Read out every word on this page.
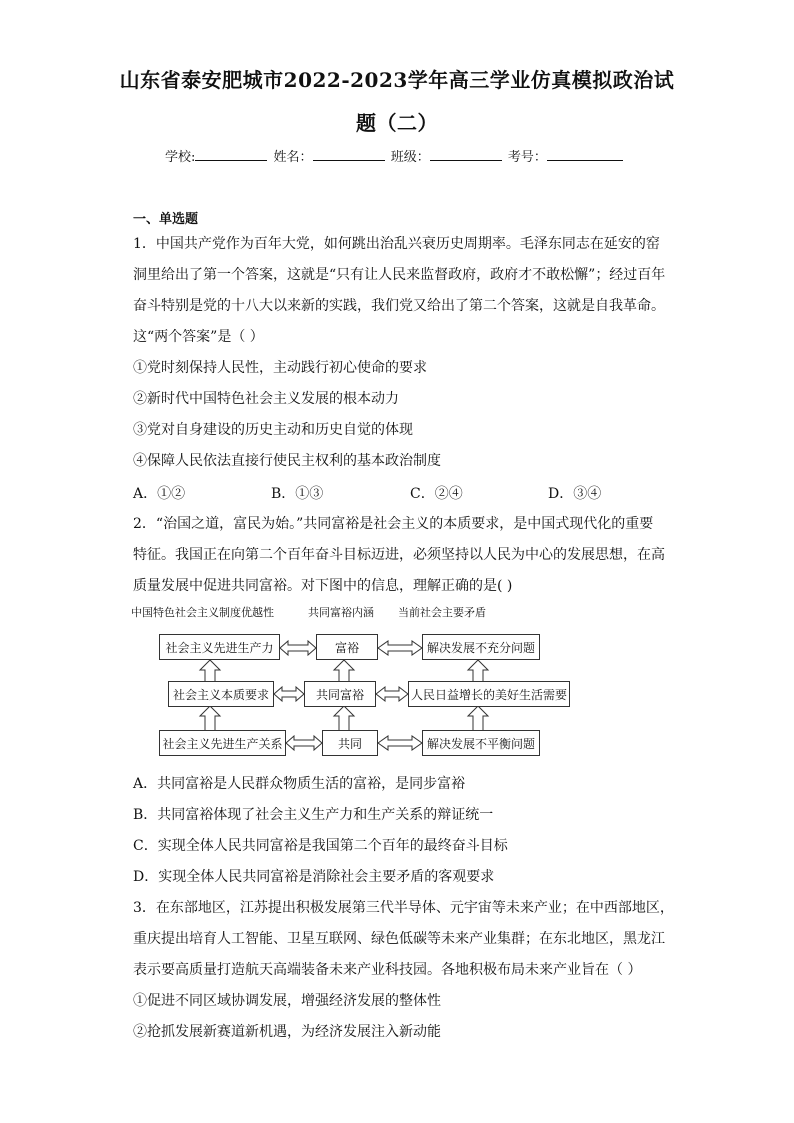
山东省泰安肥城市2022-2023学年高三学业仿真模拟政治试
题（二）
学校:	姓名：	班级：	考号：
一、单选题
1．中国共产党作为百年大党，如何跳出治乱兴衰历史周期率。毛泽东同志在延安的窑
洞里给出了第一个答案，这就是“只有让人民来监督政府，政府才不敢松懈”；经过百年
奋斗特别是党的十八大以来新的实践，我们党又给出了第二个答案，这就是自我革命。
这“两个答案”是（ ）
①党时刻保持人民性，主动践行初心使命的要求
②新时代中国特色社会主义发展的根本动力
③党对自身建设的历史主动和历史自觉的体现
④保障人民依法直接行使民主权利的基本政治制度
A．①②	B．①③	C．②④	D．③④
2．“治国之道，富民为始。”共同富裕是社会主义的本质要求，是中国式现代化的重要
特征。我国正在向第二个百年奋斗目标迈进，必须坚持以人民为中心的发展思想，在高
质量发展中促进共同富裕。对下图中的信息，理解正确的是( )
中国特色社会主义制度优越性	共同富裕内涵 当前社会主要矛盾
社会主义先进生产力
社会主义本质要求
社会主义先进生产关系
富裕
共同富裕
共同
解决发展不充分问题
人民日益增长的美好生活需要
解决发展不平衡问题
A．共同富裕是人民群众物质生活的富裕，是同步富裕
B．共同富裕体现了社会主义生产力和生产关系的辩证统一
C．实现全体人民共同富裕是我国第二个百年的最终奋斗目标
D．实现全体人民共同富裕是消除社会主要矛盾的客观要求
3．在东部地区，江苏提出积极发展第三代半导体、元宇宙等未来产业；在中西部地区，
重庆提出培育人工智能、卫星互联网、绿色低碳等未来产业集群；在东北地区，黑龙江
表示要高质量打造航天高端装备未来产业科技园。各地积极布局未来产业旨在（ ）
①促进不同区域协调发展，增强经济发展的整体性
②抢抓发展新赛道新机遇，为经济发展注入新动能
